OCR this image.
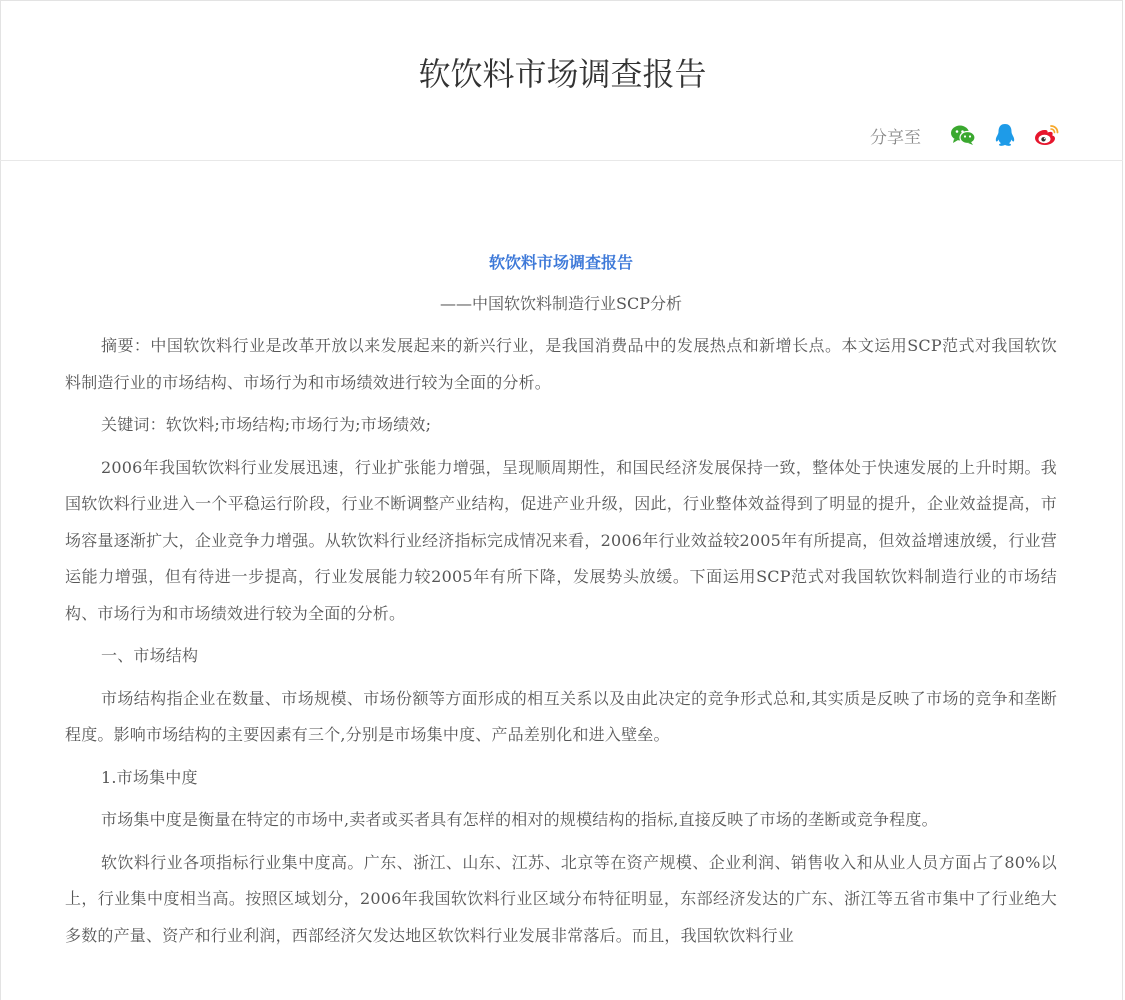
软饮料市场调查报告
分享至
软饮料市场调查报告

——中国软饮料制造行业SCP分析

摘要：中国软饮料行业是改革开放以来发展起来的新兴行业，是我国消费品中的发展热点和新增长点。本文运用SCP范式对我国软饮料制造行业的市场结构、市场行为和市场绩效进行较为全面的分析。

关键词：软饮料;市场结构;市场行为;市场绩效;

2006年我国软饮料行业发展迅速，行业扩张能力增强，呈现顺周期性，和国民经济发展保持一致，整体处于快速发展的上升时期。我国软饮料行业进入一个平稳运行阶段，行业不断调整产业结构，促进产业升级，因此，行业整体效益得到了明显的提升，企业效益提高，市场容量逐渐扩大，企业竞争力增强。从软饮料行业经济指标完成情况来看，2006年行业效益较2005年有所提高，但效益增速放缓，行业营运能力增强，但有待进一步提高，行业发展能力较2005年有所下降，发展势头放缓。下面运用SCP范式对我国软饮料制造行业的市场结构、市场行为和市场绩效进行较为全面的分析。

一、市场结构

市场结构指企业在数量、市场规模、市场份额等方面形成的相互关系以及由此决定的竞争形式总和,其实质是反映了市场的竞争和垄断程度。影响市场结构的主要因素有三个,分别是市场集中度、产品差别化和进入壁垒。

1.市场集中度

市场集中度是衡量在特定的市场中,卖者或买者具有怎样的相对的规模结构的指标,直接反映了市场的垄断或竞争程度。

软饮料行业各项指标行业集中度高。广东、浙江、山东、江苏、北京等在资产规模、企业利润、销售收入和从业人员方面占了80%以上，行业集中度相当高。按照区域划分，2006年我国软饮料行业区域分布特征明显，东部经济发达的广东、浙江等五省市集中了行业绝大多数的产量、资产和行业利润，西部经济欠发达地区软饮料行业发展非常落后。而且，我国软饮料行业
